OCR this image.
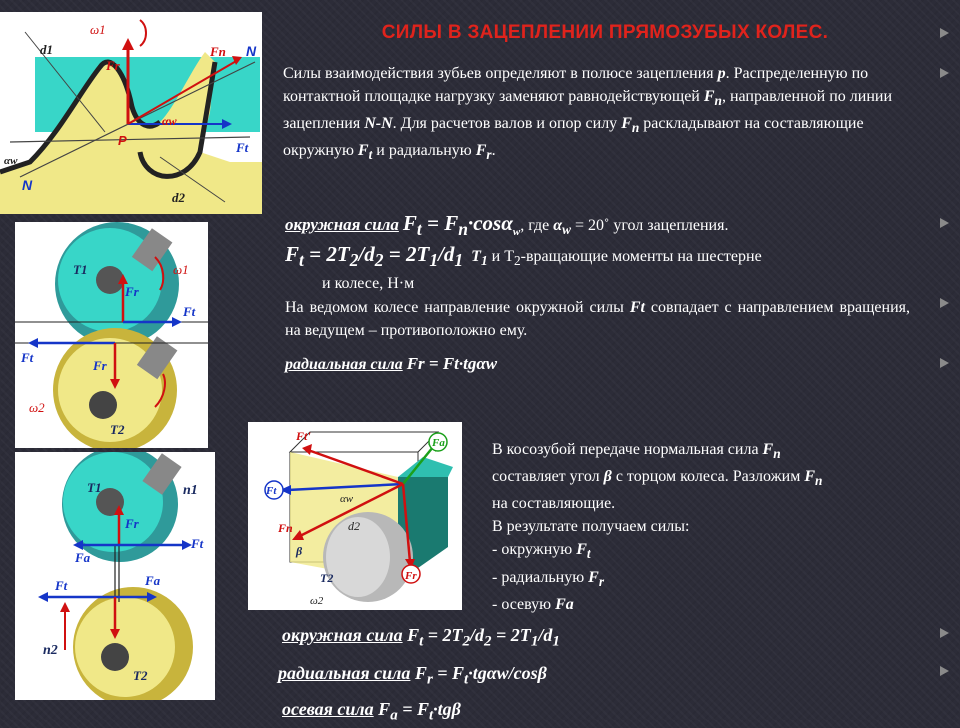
СИЛЫ В ЗАЦЕПЛЕНИИ ПРЯМОЗУБЫХ КОЛЕС.
ω1
d1
Fr
Fn N
αw
P	Ft
αw
N
d2
ω1
T1
Fr
Ft
Ft
Fr
ω2
T2
n1
T1
Fr
Ft
Fa
Ft	Fa
n2
T2
Ft'	Fa
Ft
αw
Fn	d2
β
T2	Fr
ω2
Силы взаимодействия зубьев определяют в полюсе зацепления p. Распределенную по контактной площадке нагрузку заменяют равнодействующей $F_n$, направленной по линии зацепления N-N. Для расчетов валов и опор силу $F_n$ раскладывают на составляющие окружную $F_t$ и радиальную $F_r$.
окружная сила $F_t = F_n\cdot\cos\alpha_w$, где $\alpha_w$ = 20˚ угол зацепления.
$F_t = 2T_2/d_2 = 2T_1/d_1$ $T_1$ и $T_2$-вращающие моменты на шестерне
и колесе, Н·м
На ведомом колесе направление окружной силы Ft совпадает с направлением вращения, на ведущем – противоположно ему.
радиальная сила Fr = Ft·tgαw
В косозубой передаче нормальная сила $F_n$
составляет угол β с торцом колеса. Разложим $F_n$
на составляющие.
В результате получаем силы:
- окружную $F_t$
- радиальную $F_r$
- осевую Fa
окружная сила $F_t = 2T_2/d_2 = 2T_1/d_1$
радиальная сила $F_r = F_t\cdot tg\alpha w/\cos\beta$
осевая сила $F_a = F_t\cdot tg\beta$
